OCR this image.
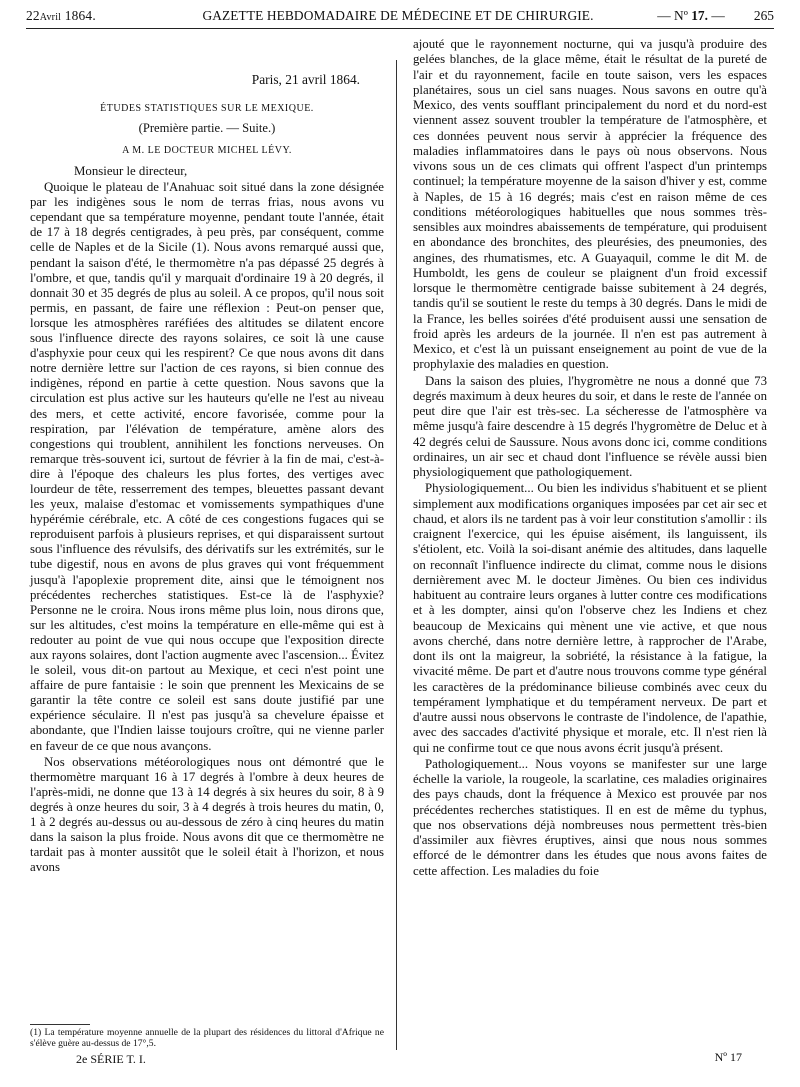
22Avril 1864.	GAZETTE HEBDOMADAIRE DE MÉDECINE ET DE CHIRURGIE.	— Nº 17. —	265
Paris, 21 avril 1864.
ÉTUDES STATISTIQUES SUR LE MEXIQUE.
(Première partie. — Suite.)
A M. LE DOCTEUR MICHEL LÉVY.

Monsieur le directeur,

Quoique le plateau de l'Anahuac soit situé dans la zone désignée par les indigènes sous le nom de terras frias, nous avons vu cependant que sa température moyenne, pendant toute l'année, était de 17 à 18 degrés centigrades, à peu près, par conséquent, comme celle de Naples et de la Sicile (1). Nous avons remarqué aussi que, pendant la saison d'été, le thermomètre n'a pas dépassé 25 degrés à l'ombre, et que, tandis qu'il y marquait d'ordinaire 19 à 20 degrés, il donnait 30 et 35 degrés de plus au soleil. A ce propos, qu'il nous soit permis, en passant, de faire une réflexion : Peut-on penser que, lorsque les atmosphères raréfiées des altitudes se dilatent encore sous l'influence directe des rayons solaires, ce soit là une cause d'asphyxie pour ceux qui les respirent? Ce que nous avons dit dans notre dernière lettre sur l'action de ces rayons, si bien connue des indigènes, répond en partie à cette question. Nous savons que la circulation est plus active sur les hauteurs qu'elle ne l'est au niveau des mers, et cette activité, encore favorisée, comme pour la respiration, par l'élévation de température, amène alors des congestions qui troublent, annihilent les fonctions nerveuses. On remarque très-souvent ici, surtout de février à la fin de mai, c'est-à-dire à l'époque des chaleurs les plus fortes, des vertiges avec lourdeur de tête, resserrement des tempes, bleuettes passant devant les yeux, malaise d'estomac et vomissements sympathiques d'une hypérémie cérébrale, etc. A côté de ces congestions fugaces qui se reproduisent parfois à plusieurs reprises, et qui disparaissent surtout sous l'influence des révulsifs, des dérivatifs sur les extrémités, sur le tube digestif, nous en avons de plus graves qui vont fréquemment jusqu'à l'apoplexie proprement dite, ainsi que le témoignent nos précédentes recherches statistiques. Est-ce là de l'asphyxie? Personne ne le croira. Nous irons même plus loin, nous dirons que, sur les altitudes, c'est moins la température en elle-même qui est à redouter au point de vue qui nous occupe que l'exposition directe aux rayons solaires, dont l'action augmente avec l'ascension... Évitez le soleil, vous dit-on partout au Mexique, et ceci n'est point une affaire de pure fantaisie : le soin que prennent les Mexicains de se garantir la tête contre ce soleil est sans doute justifié par une expérience séculaire. Il n'est pas jusqu'à sa chevelure épaisse et abondante, que l'Indien laisse toujours croître, qui ne vienne parler en faveur de ce que nous avançons.

Nos observations météorologiques nous ont démontré que le thermomètre marquant 16 à 17 degrés à l'ombre à deux heures de l'après-midi, ne donne que 13 à 14 degrés à six heures du soir, 8 à 9 degrés à onze heures du soir, 3 à 4 degrés à trois heures du matin, 0, 1 à 2 degrés au-dessus ou au-dessous de zéro à cinq heures du matin dans la saison la plus froide. Nous avons dit que ce thermomètre ne tardait pas à monter aussitôt que le soleil était à l'horizon, et nous avons

ajouté que le rayonnement nocturne, qui va jusqu'à produire des gelées blanches, de la glace même, était le résultat de la pureté de l'air et du rayonnement, facile en toute saison, vers les espaces planétaires, sous un ciel sans nuages. Nous savons en outre qu'à Mexico, des vents soufflant principalement du nord et du nord-est viennent assez souvent troubler la température de l'atmosphère, et ces données peuvent nous servir à apprécier la fréquence des maladies inflammatoires dans le pays où nous observons. Nous vivons sous un de ces climats qui offrent l'aspect d'un printemps continuel; la température moyenne de la saison d'hiver y est, comme à Naples, de 15 à 16 degrés; mais c'est en raison même de ces conditions météorologiques habituelles que nous sommes très-sensibles aux moindres abaissements de température, qui produisent en abondance des bronchites, des pleurésies, des pneumonies, des angines, des rhumatismes, etc. A Guayaquil, comme le dit M. de Humboldt, les gens de couleur se plaignent d'un froid excessif lorsque le thermomètre centigrade baisse subitement à 24 degrés, tandis qu'il se soutient le reste du temps à 30 degrés. Dans le midi de la France, les belles soirées d'été produisent aussi une sensation de froid après les ardeurs de la journée. Il n'en est pas autrement à Mexico, et c'est là un puissant enseignement au point de vue de la prophylaxie des maladies en question.

Dans la saison des pluies, l'hygromètre ne nous a donné que 73 degrés maximum à deux heures du soir, et dans le reste de l'année on peut dire que l'air est très-sec. La sécheresse de l'atmosphère va même jusqu'à faire descendre à 15 degrés l'hygromètre de Deluc et à 42 degrés celui de Saussure. Nous avons donc ici, comme conditions ordinaires, un air sec et chaud dont l'influence se révèle aussi bien physiologiquement que pathologiquement.

Physiologiquement... Ou bien les individus s'habituent et se plient simplement aux modifications organiques imposées par cet air sec et chaud, et alors ils ne tardent pas à voir leur constitution s'amollir : ils craignent l'exercice, qui les épuise aisément, ils languissent, ils s'étiolent, etc. Voilà la soi-disant anémie des altitudes, dans laquelle on reconnaît l'influence indirecte du climat, comme nous le disions dernièrement avec M. le docteur Jimènes. Ou bien ces individus habituent au contraire leurs organes à lutter contre ces modifications et à les dompter, ainsi qu'on l'observe chez les Indiens et chez beaucoup de Mexicains qui mènent une vie active, et que nous avons cherché, dans notre dernière lettre, à rapprocher de l'Arabe, dont ils ont la maigreur, la sobriété, la résistance à la fatigue, la vivacité même. De part et d'autre nous trouvons comme type général les caractères de la prédominance bilieuse combinés avec ceux du tempérament lymphatique et du tempérament nerveux. De part et d'autre aussi nous observons le contraste de l'indolence, de l'apathie, avec des saccades d'activité physique et morale, etc. Il n'est rien là qui ne confirme tout ce que nous avons écrit jusqu'à présent.

Pathologiquement... Nous voyons se manifester sur une large échelle la variole, la rougeole, la scarlatine, ces maladies originaires des pays chauds, dont la fréquence à Mexico est prouvée par nos précédentes recherches statistiques. Il en est de même du typhus, que nos observations déjà nombreuses nous permettent très-bien d'assimiler aux fièvres éruptives, ainsi que nous nous sommes efforcé de le démontrer dans les études que nous avons faites de cette affection. Les maladies du foie

(1) La température moyenne annuelle de la plupart des résidences du littoral d'Afrique ne s'élève guère au-dessus de 17°,5.
2e SÉRIE T. I.	Nº 17
